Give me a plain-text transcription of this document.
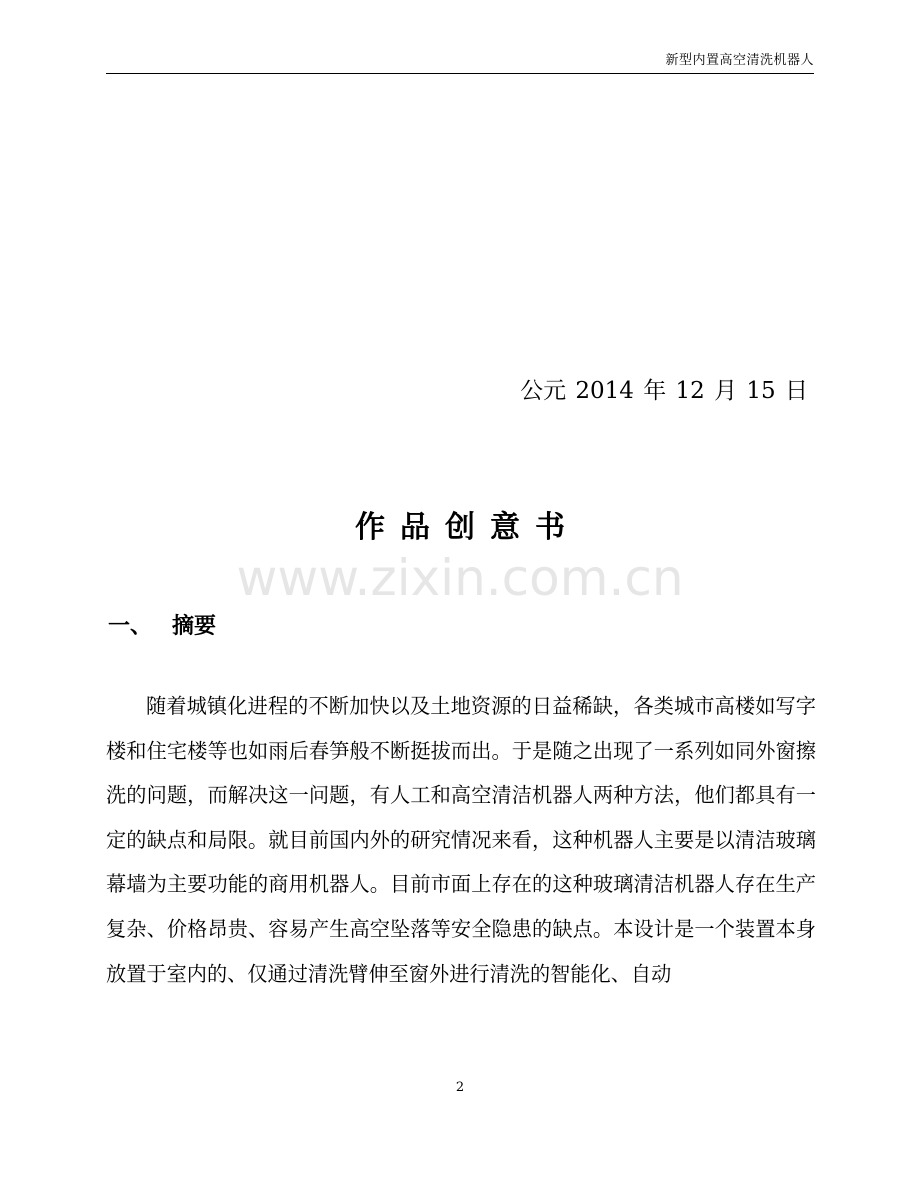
新型内置高空清洗机器人
公元 2014 年 12 月 15 日
作品创意书
www.zixin.com.cn
一、 摘要

随着城镇化进程的不断加快以及土地资源的日益稀缺，各类城市高楼如写字楼和住宅楼等也如雨后春笋般不断挺拔而出。于是随之出现了一系列如同外窗擦洗的问题，而解决这一问题，有人工和高空清洁机器人两种方法，他们都具有一定的缺点和局限。就目前国内外的研究情况来看，这种机器人主要是以清洁玻璃幕墙为主要功能的商用机器人。目前市面上存在的这种玻璃清洁机器人存在生产复杂、价格昂贵、容易产生高空坠落等安全隐患的缺点。本设计是一个装置本身放置于室内的、仅通过清洗臂伸至窗外进行清洗的智能化、自动

2
